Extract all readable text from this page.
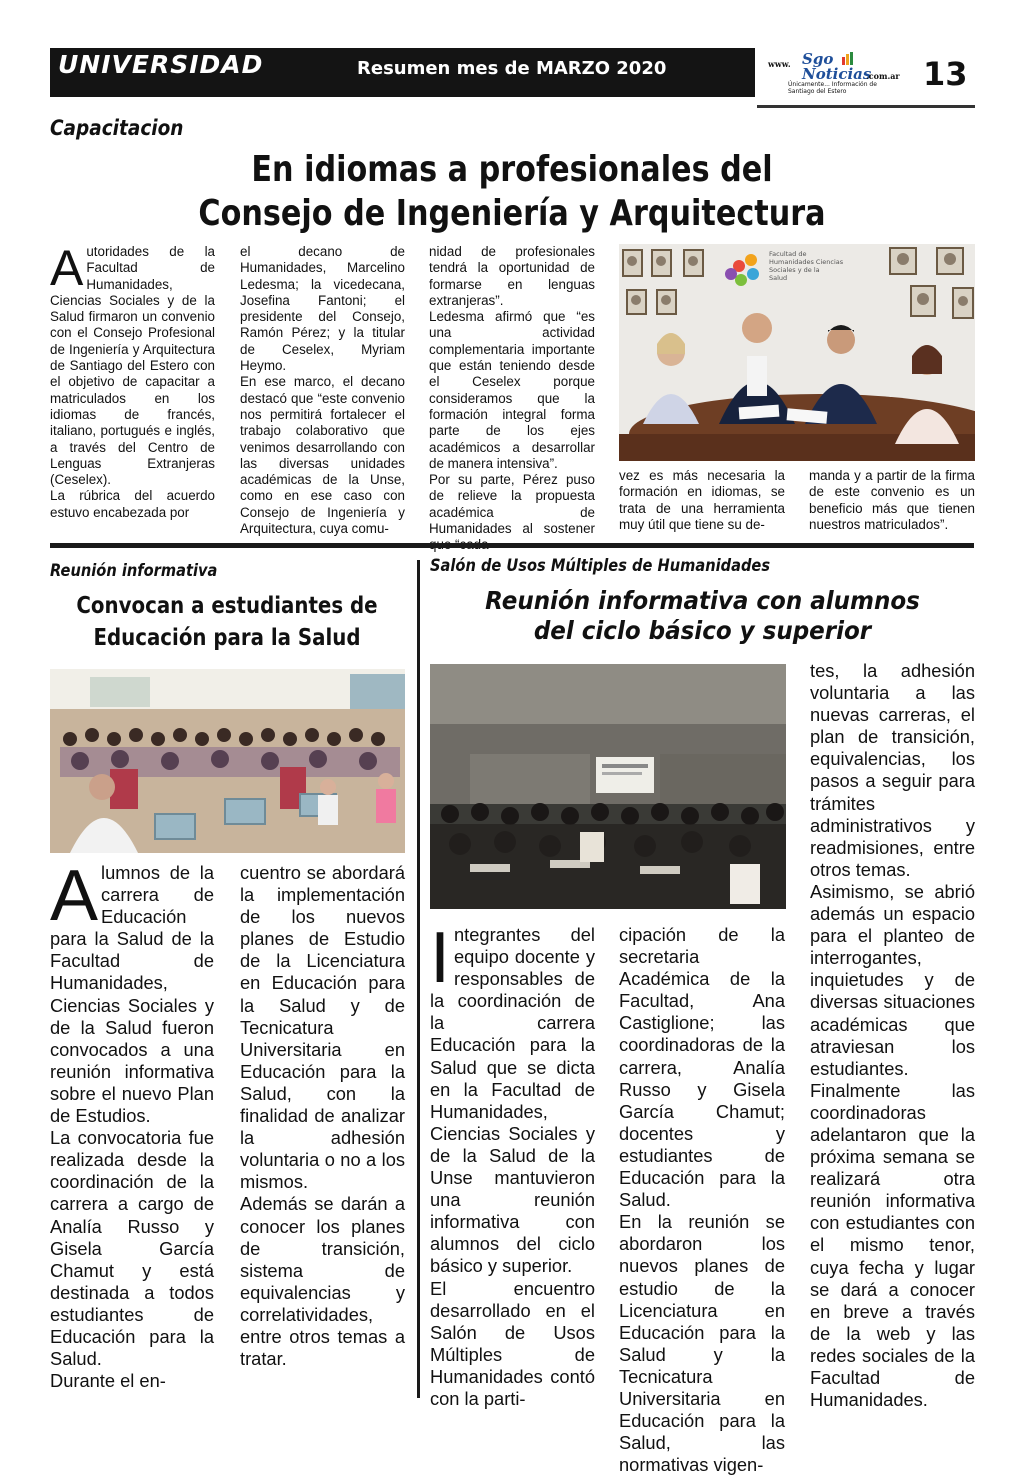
UNIVERSIDAD	Resumen mes de MARZO 2020	www. Sgo
Noticias
.com.ar
Únicamente... Información de Santiago del Estero	13
Capacitacion
En idiomas a profesionales del
Consejo de Ingeniería y Arquitectura
A utoridades de la Facultad de Humanidades, Ciencias Sociales y de la Salud firmaron un convenio con el Consejo Profesional de Ingeniería y Arquitectura de Santiago del Estero con el objetivo de capacitar a matriculados en los idiomas de francés, italiano, portugués e inglés, a través del Centro de Lenguas Extranjeras (Ceselex).
La rúbrica del acuerdo estuvo encabezada por
el decano de Humanidades, Marcelino Ledesma; la vicedecana, Josefina Fantoni; el presidente del Consejo, Ramón Pérez; y la titular de Ceselex, Myriam Heymo.
En ese marco, el decano destacó que “este convenio nos permitirá fortalecer el trabajo colaborativo que venimos desarrollando con las diversas unidades académicas de la Unse, como en ese caso con Consejo de Ingeniería y Arquitectura, cuya comu-
nidad de profesionales tendrá la oportunidad de formarse en lenguas extranjeras”.
Ledesma afirmó que “es una actividad complementaria importante que están teniendo desde el Ceselex porque consideramos que la formación integral forma parte de los ejes académicos a desarrollar de manera intensiva”.
Por su parte, Pérez puso de relieve la propuesta académica de Humanidades al sostener
Facultad de Humanidades Ciencias Sociales y de la Salud
vez es más necesaria la formación en idiomas, se trata de una herramienta muy útil que tiene su de-
manda y a partir de la firma de este convenio es un beneficio más que tienen nuestros matriculados”.
Reunión informativa
Convocan a estudiantes de
Educación para la Salud
A lumnos de la carrera de Educación para la Salud de la Facultad de Humanidades, Ciencias Sociales y de la Salud fueron convocados a una reunión informativa sobre el nuevo Plan de Estudios.
La convocatoria fue realizada desde la coordinación de la carrera a cargo de Analía Russo y Gisela García Chamut y está destinada a todos estudiantes de Educación para la Salud.
Durante el en-
cuentro se abordará la implementación de los nuevos planes de Estudio de la Licenciatura en Educación para la Salud y de Tecnicatura Universitaria en Educación para la Salud, con la finalidad de analizar la adhesión voluntaria o no a los mismos.
Además se darán a conocer los planes de transición, sistema de equivalencias y correlatividades, entre otros temas a tratar.
Salón de Usos Múltiples de Humanidades
Reunión informativa con alumnos
del ciclo básico y superior
I ntegrantes del equipo docente y responsables de la coordinación de la carrera Educación para la Salud que se dicta en la Facultad de Humanidades, Ciencias Sociales y de la Salud de la Unse mantuvieron una reunión informativa con alumnos del ciclo básico y superior.
El encuentro desarrollado en el Salón de Usos Múltiples de Humanidades contó con la parti-
cipación de la secretaria Académica de la Facultad, Ana Castiglione; las coordinadoras de la carrera, Analía Russo y Gisela García Chamut; docentes y estudiantes de Educación para la Salud.
En la reunión se abordaron los nuevos planes de estudio de la Licenciatura en Educación para la Salud y la Tecnicatura Universitaria en Educación para la Salud, las normativas vigen-
tes, la adhesión voluntaria a las nuevas carreras, el plan de transición, equivalencias, los pasos a seguir para trámites administrativos y readmisiones, entre otros temas.
Asimismo, se abrió además un espacio para el planteo de interrogantes, inquietudes y de diversas situaciones académicas que atraviesan los estudiantes.
Finalmente las coordinadoras adelantaron que la próxima semana se realizará otra reunión informativa con estudiantes con el mismo tenor, cuya fecha y lugar se dará a conocer en breve a través de la web y las redes sociales de la Facultad de Humanidades.
